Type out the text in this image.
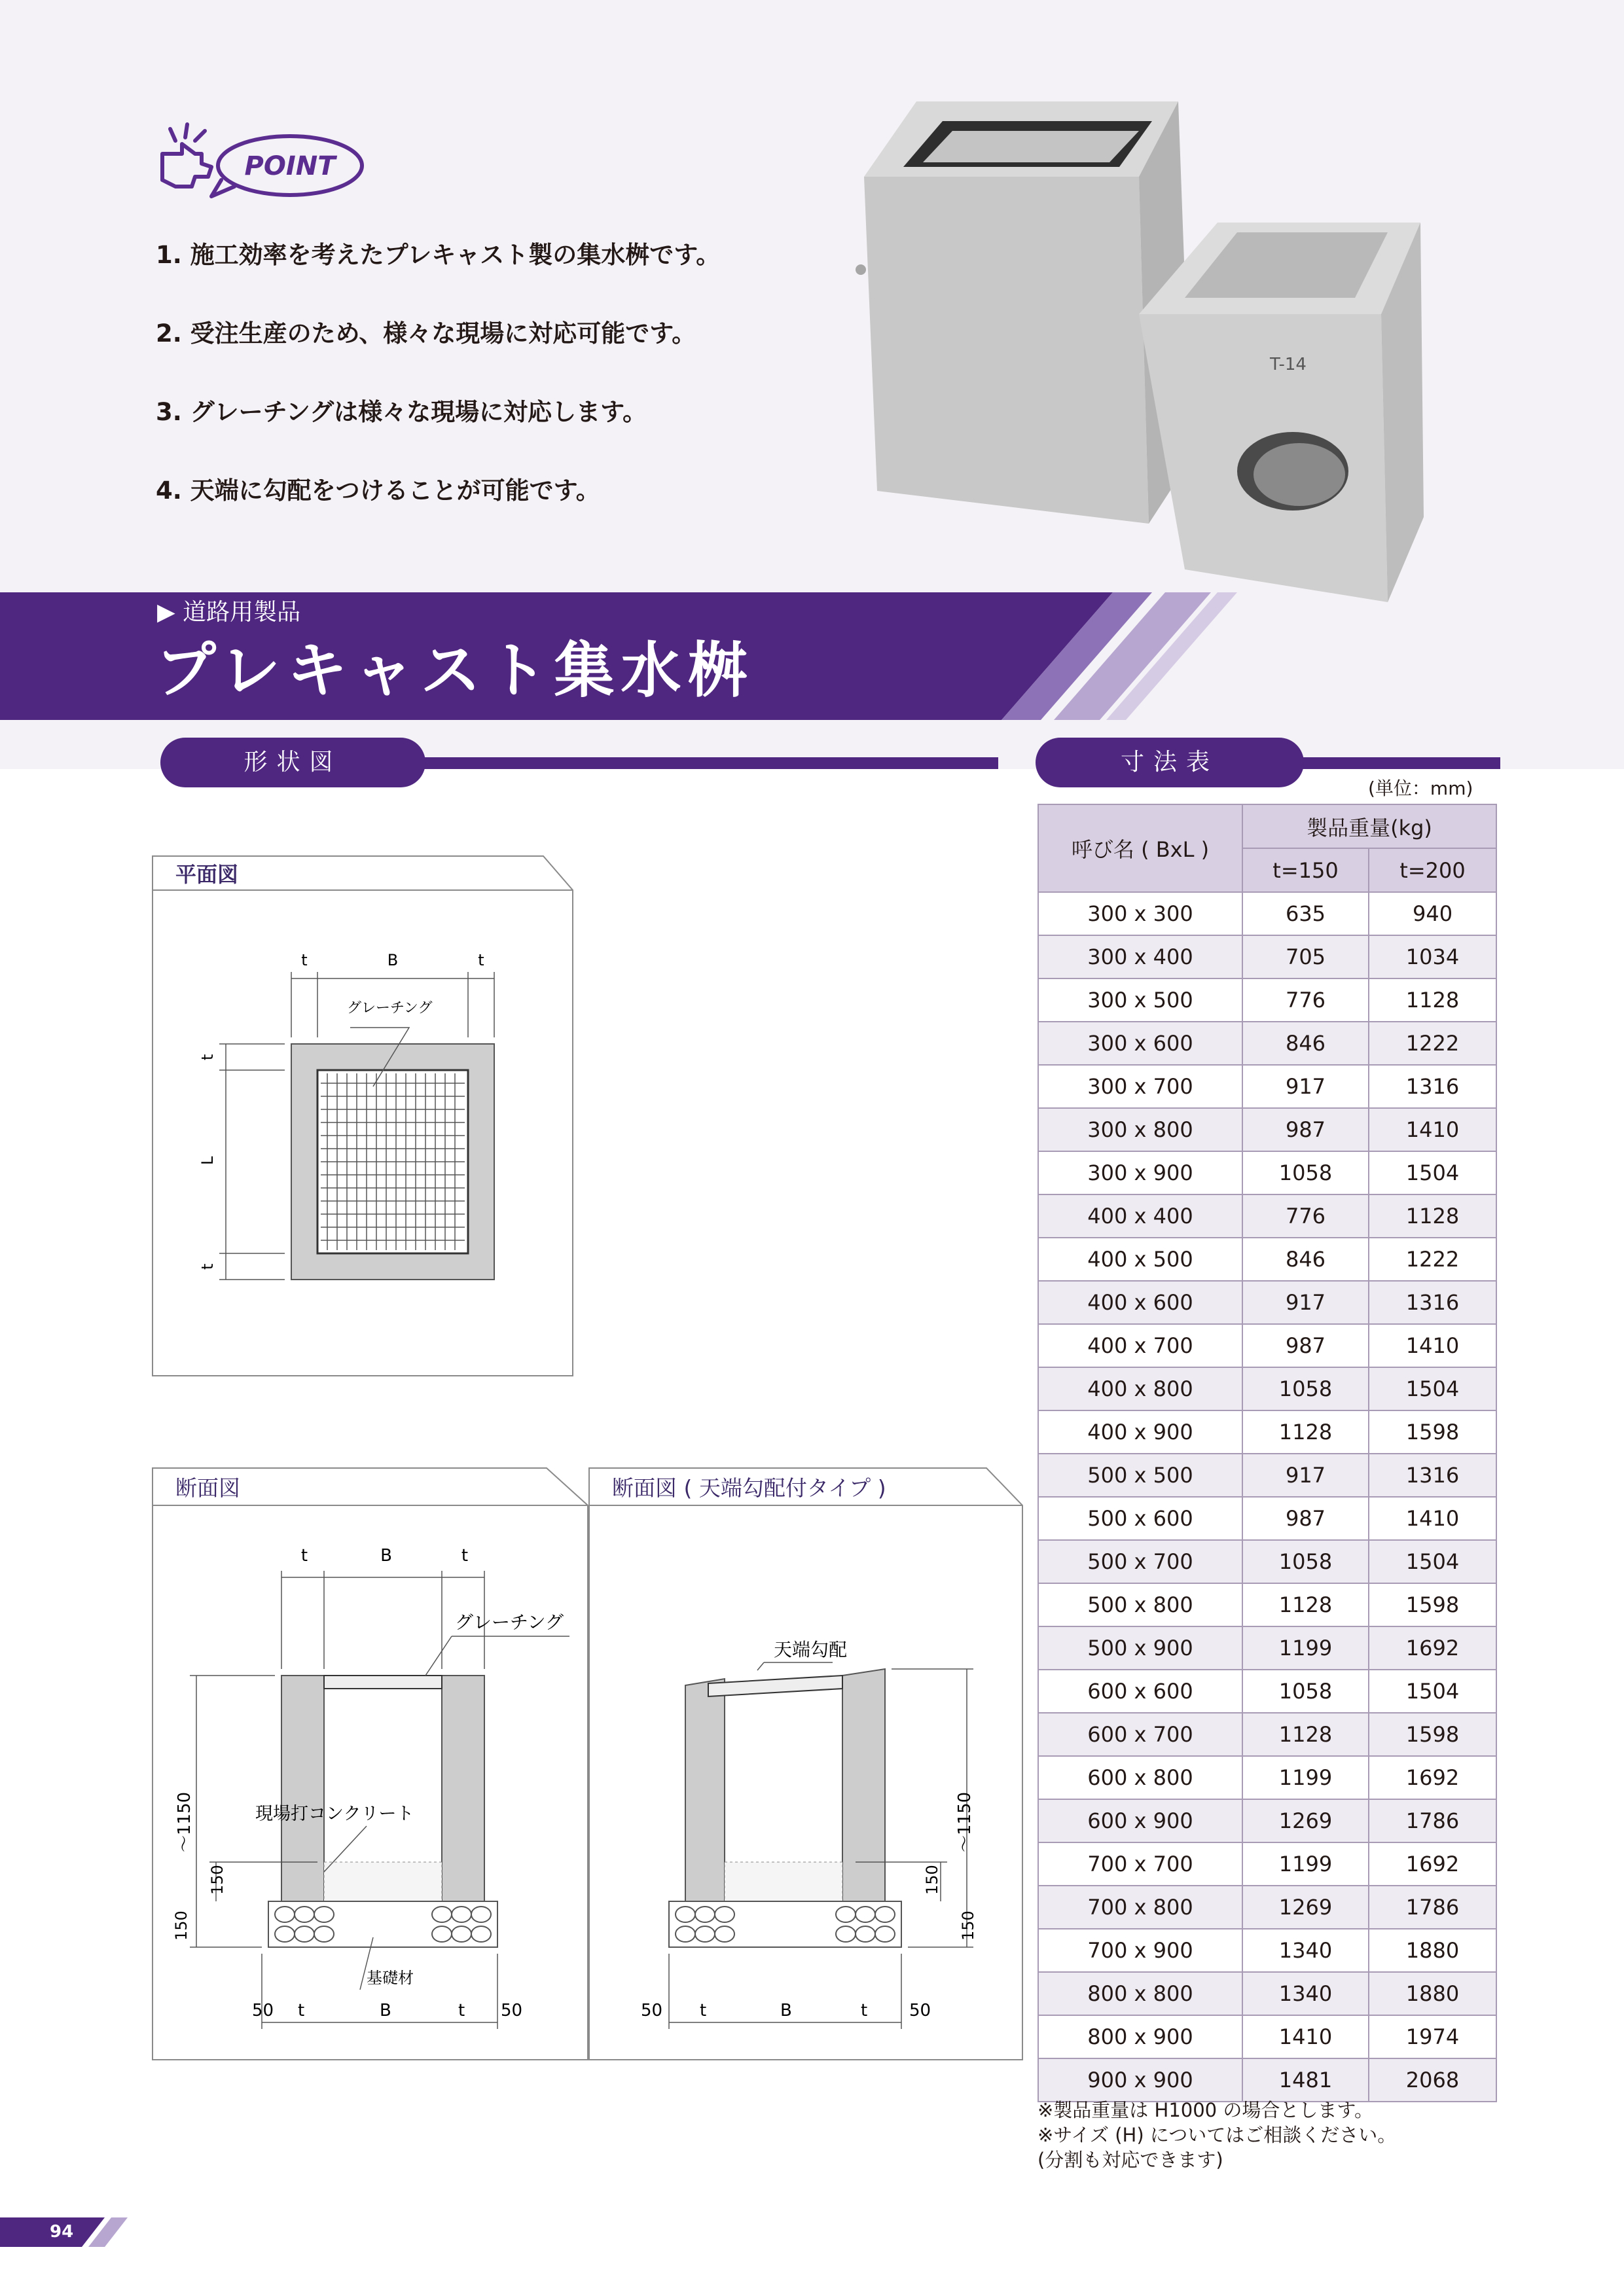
POINT
1. 施工効率を考えたプレキャスト製の集水桝です。
2. 受注生産のため、様々な現場に対応可能です。
3. グレーチングは様々な現場に対応します。
4. 天端に勾配をつけることが可能です。
T-14
▶ 道路用製品
プレキャスト集水桝
形状図	寸法表
平面図
t	B	t
グレーチング
t
L
t
断面図
t	B	t
グレーチング
～1150	現場打コンクリート
150
150
基礎材
50 t	B	t 50
断面図 ( 天端勾配付タイプ )
天端勾配
～1150
150
150
50 t	B	t 50
(単位：mm)
呼び名 ( BxL )	製品重量(kg)	
	t=150	t=200
300 x 300	635	940
300 x 400	705	1034
300 x 500	776	1128
300 x 600	846	1222
300 x 700	917	1316
300 x 800	987	1410
300 x 900	1058	1504
400 x 400	776	1128
400 x 500	846	1222
400 x 600	917	1316
400 x 700	987	1410
400 x 800	1058	1504
400 x 900	1128	1598
500 x 500	917	1316
500 x 600	987	1410
500 x 700	1058	1504
500 x 800	1128	1598
500 x 900	1199	1692
600 x 600	1058	1504
600 x 700	1128	1598
600 x 800	1199	1692
600 x 900	1269	1786
700 x 700	1199	1692
700 x 800	1269	1786
700 x 900	1340	1880
800 x 800	1340	1880
800 x 900	1410	1974
900 x 900	1481	2068
※製品重量は H1000 の場合とします。
※サイズ (H) についてはご相談ください。
(分割も対応できます)
94
